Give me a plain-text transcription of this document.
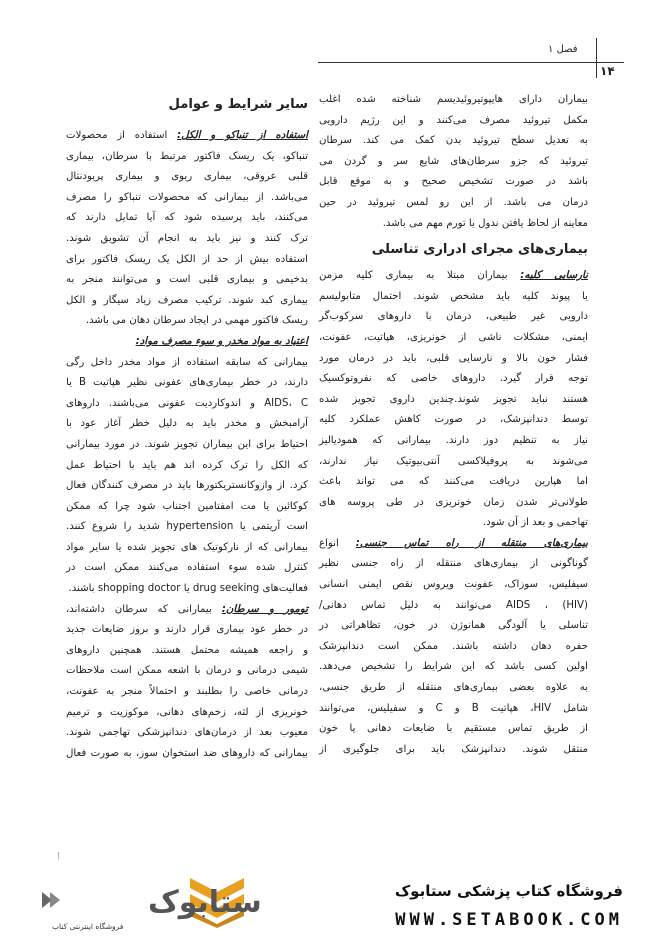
فصل ۱
۱۴
بیماران دارای هایپوتیروئیدیسم شناخته شده اغلب
مکمل تیروئید مصرف می‌کنند و این رژیم دارویی
به تعدیل سطح تیروئید بدن کمک می کند. سرطان
تیروئید که جزو سرطان‌های شایع سر و گردن می
باشد در صورت تشخیص صحیح و به موقع قابل
درمان می باشد. از این رو لمس تیروئید در حین
معاینه از لحاظ یافتن ندول یا تورم مهم می باشد.
بیماری‌های مجرای ادراری تناسلی
نارسایی کلیه: بیماران مبتلا به بیماری کلیه مزمن
یا پیوند کلیه باید مشخص شوند. احتمال متابولیسم
دارویی غیر طبیعی، درمان با داروهای سرکوب‌گر
ایمنی، مشکلات ناشی از خونریزی، هپاتیت، عفونت،
فشار خون بالا و نارسایی قلبی، باید در درمان مورد
توجه قرار گیرد. داروهای خاصی که نفروتوکسیک
هستند نباید تجویز شوند.چندین داروی تجویز شده
توسط دندانپزشک، در صورت کاهش عملکرد کلیه
نیاز به تنظیم دوز دارند. بیمارانی که همودیالیز
می‌شوند به پروفیلاکسی آنتی‌بیوتیک نیاز ندارند،
اما هپارین دریافت می‌کنند که می تواند باعث
طولانی‌تر شدن زمان خونریزی در طی پروسه های
تهاجمی و بعد از آن شود.
بیماری‌های منتقله از راه تماس جنسی: انواع
گوناگونی از بیماری‌های منتقله از راه جنسی نظیر
سیفلیس، سوزاک، عفونت ویروس نقص ایمنی انسانی
(HIV) ، AIDS می‌توانند به دلیل تماس دهانی/
تناسلی یا آلودگی همانوژن در خون، تظاهراتی در
حفره دهان داشته باشند. ممکن است دندانپزشک
اولین کسی باشد که این شرایط را تشخیص می‌دهد.
به علاوه بعضی بیماری‌های منتقله از طریق جنسی،
شامل HIV، هپاتیت B و C و سفیلیس، می‌توانند
از طریق تماس مستقیم با ضایعات دهانی یا خون
منتقل شوند. دندانپزشک باید برای جلوگیری از
سایر شرایط و عوامل
استفاده از تنباکو و الکل: استفاده از محصولات
تنباکو، یک ریسک فاکتور مرتبط با سرطان، بیماری
قلبی عروقی، بیماری ریوی و بیماری پریودنتال
می‌باشد. از بیمارانی که محصولات تنباکو را مصرف
می‌کنند، باید پرسیده شود که آیا تمایل دارند که
ترک کنند و نیز باید به انجام آن تشویق شوند.
استفاده بیش از حد از الکل یک ریسک فاکتور برای
بدخیمی و بیماری قلبی است و می‌توانند منجر به
بیماری کبد شوند. ترکیب مصرف زیاد سیگار و الکل
ریسک فاکتور مهمی در ایجاد سرطان دهان می باشد.
اعتیاد به مواد مخدر و سوء مصرف مواد:
بیمارانی که سابقه استفاده از مواد مخدر داخل رگی
دارند، در خطر بیماری‌های عفونی نظیر هپاتیت B یا
AIDS، C و اندوکاردیت عفونی می‌باشند. داروهای
آرامبخش و مخدر باید به دلیل خطر آغاز عود با
احتیاط برای این بیماران تجویز شوند. در مورد بیمارانی
که الکل را ترک کرده اند هم باید با احتیاط عمل
کرد. از وازوکانستریکتورها باید در مصرف کنندگان فعال
کوکائین یا مت امفتامین اجتناب شود چرا که ممکن
است آریتمی یا hypertension شدید را شروع کنند.
بیمارانی که از نارکوتیک های تجویز شده یا سایر مواد
کنترل شده سوء استفاده می‌کنند ممکن است در
فعالیت‌های drug seeking یا shopping doctor باشند.
تومور و سرطان: بیمارانی که سرطان داشته‌اند،
در خطر عود بیماری قرار دارند و بروز ضایعات جدید
و راجعه همیشه محتمل هستند. همچنین داروهای
شیمی درمانی و درمان با اشعه ممکن است ملاحظات
درمانی خاصی را بطلبند و احتمالاً منجر به عفونت،
خونریزی از لثه، زخم‌های دهانی، موکوزیت و ترمیم
معیوب بعد از درمان‌های دندانپزشکی تهاجمی شوند.
بیمارانی که داروهای ضد استخوان سوز، به صورت فعال
فروشگاه کتاب پزشکی ستابوک
WWW.SETABOOK.COM
ستابوک
فروشگاه اینترنتی کتاب
